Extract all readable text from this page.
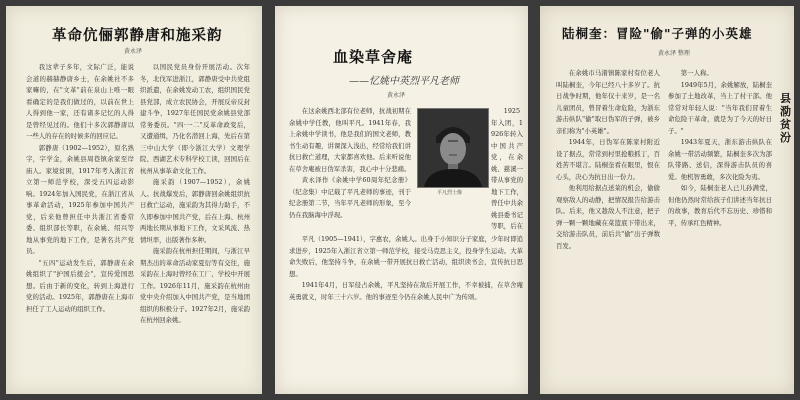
革命伉俪郭静唐和施采韵
黄永泽

我这辈子多年，文际广泛，能说会道的赫赫静唐乡士，在余姚社不多家嘛的，在"文革"前在泉山上唯一眼看确定的是我们做过的，以前在世上人得到他一家，还有诸多记忆的人得是曾经见过的。他们十多次郭静唐以一些人的存在的时候多的回应记。

郭静唐（1902—1952），原名熟字，字学金，余姚县周巷镇余家至岸庙人。家境贫困，1917年考入浙江省立第一师范学校，深受五四运动影响。1924年加入国民党，在浙江省从事革命活动，1925年参加中国共产党，后来他曾担任中共浙江省委常委、组织部长等职，在余姚、绍兴等地从事党的地下工作，是著名共产党员。

"五四"运动发生后，郭静唐在余姚组织了"护国后援会"，宣传爱国思想。后由于新的变化，转到上海进行党的活动。1925年，郭静唐在上海市担任了工人运动的组织工作。

以国民党员身份开展活动。次年冬，北伐军进浙江，郭静唐受中共党组织派遣，在余姚发动工农，组织国民党县党部，成立农民协会，开展反帝反封建斗争，1927年任国民党余姚县党部常务委员。"四·一二"反革命政变后，又遭通缉，乃化名潜回上海，先后在第三中山大学（即今浙江大学）文理学院、西湖艺术专科学校工读，回国后在杭州从事革命文化工作。

施采韵（1907—1952），余姚人。抗战爆发后，郭静唐回余姚组织抗日救亡运动，施采韵为其得力助手，不久即参加中国共产党，后在上海、杭州两地长期从事地下工作，文采风流、热情坦率，出版著作多种。

施采韵在杭州担任期间，与浙江早期杰出的革命活动家夏衍等有交往，施采韵在上海时曾经在工厂、学校中开展工作。1926年11月，施采韵在杭州由党中央介绍加入中国共产党，是当地团组织的积极分子。1927年2月，施采韵在杭州回余姚。

血染草舍庵
——忆姚中英烈平凡老师
黄永泽

在这余姚西北部有位老师，抗战初期在余姚中学任教，他叫平凡。1941年春，我上余姚中学读书，他是我们的国文老师，教书生动有趣，讲课深入浅出，经常给我们讲抗日救亡道理，大家都喜欢他。后来听说他在草舍庵被日伪军杀害，我心中十分悲痛。

黄永泽作《余姚中学60周年纪念册》（纪念集）中记载了平凡老师的事迹，刊于纪念册第二节，当年平凡老师的形象，至今仍在我脑海中浮现。

平凡烈士像

1925年入团，1926年转入中国共产党，在余姚、慈溪一带从事党的地下工作，曾任中共余姚县委书记等职，后在

平凡（1905—1941），字惠农，余姚人。出身于小知识分子家庭，少年时即追求进步，1925年入浙江省立第一师范学校，接受马克思主义，投身学生运动。大革命失败后，他坚持斗争，在余姚一带开展抗日救亡活动，组织读书会，宣传抗日思想。

1941年4月，日军侵占余姚，平凡坚持在敌后开展工作，不幸被捕，在草舍庵英勇就义，时年三十六岁。他的事迹至今仍在余姚人民中广为传颂。

陆桐奎：冒险"偷"子弹的小英雄
黄永泽 整理

在余姚市马渚镇陈家村有位老人叫陆桐奎，今年已经八十多岁了。抗日战争时期，他年仅十来岁，是一名儿童团员，曾冒着生命危险，为浙东游击纵队"偷"取日伪军的子弹，被乡亲们称为"小英雄"。

1944年，日伪军在陈家村附近设了据点，常常到村里抢粮抓丁，百姓苦不堪言。陆桐奎看在眼里，恨在心头，决心为抗日出一份力。

他利用给据点送菜的机会，偷偷观察敌人的动静，把情况报告给游击队。后来，他又趁敌人不注意，把子弹一颗一颗地藏在菜篮底下带出来，交给游击队员，前后共"偷"出子弹数百发。

第一人称。

1949年5月，余姚解放，陆桐奎参加了土地改革，当上了村干部。他常常对年轻人说："当年我们冒着生命危险干革命，就是为了今天的好日子。"

1943年夏天，浙东游击纵队在余姚一带活动频繁，陆桐奎多次为部队带路、送信，深得游击队员的喜爱。他机智勇敢，多次化险为夷。

如今，陆桐奎老人已儿孙满堂，但他仍然时常给孩子们讲述当年抗日的故事，教育后代不忘历史、珍惜和平，传承红色精神。

县
泐
贫
汾
